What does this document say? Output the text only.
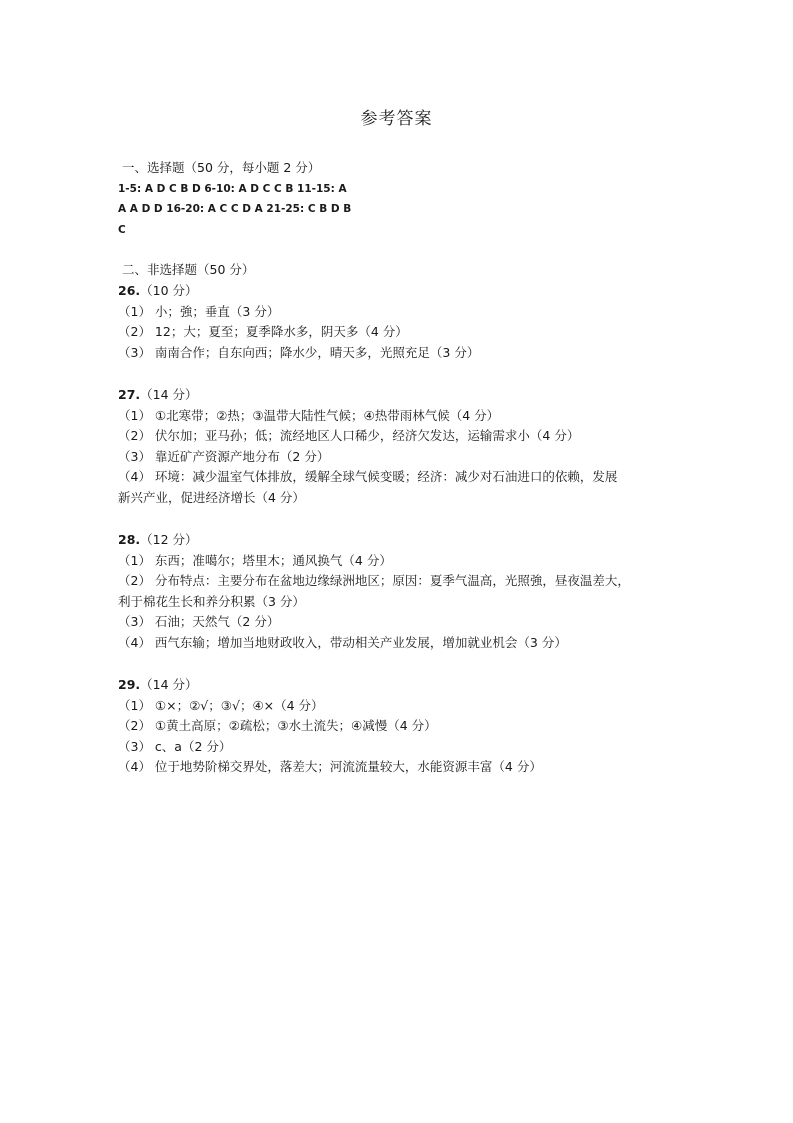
参考答案
一、选择题（50 分，每小题 2 分）
1-5: A D C B D 6-10: A D C C B 11-15: A
A A D D 16-20: A C C D A 21-25: C B D B
C
二、非选择题（50 分）
26.（10 分）
（1） 小；強；垂直（3 分）
（2） 12；大；夏至；夏季降水多，阴天多（4 分）
（3） 南南合作；自东向西；降水少，晴天多，光照充足（3 分）
27.（14 分）
（1） ①北寒带；②热；③温带大陆性气候；④热带雨林气候（4 分）
（2） 伏尔加；亚马孙；低；流经地区人口稀少，经济欠发达，运输需求小（4 分）
（3） 靠近矿产资源产地分布（2 分）
（4） 环境：减少温室气体排放，缓解全球气候变暖；经济：减少对石油进口的依赖，发展
新兴产业，促进经济增长（4 分）
28.（12 分）
（1） 东西；准噶尔；塔里木；通风换气（4 分）
（2） 分布特点：主要分布在盆地边缘绿洲地区；原因：夏季气温高，光照強，昼夜温差大，
利于棉花生长和养分积累（3 分）
（3） 石油；天然气（2 分）
（4） 西气东输；增加当地财政收入，带动相关产业发展，增加就业机会（3 分）
29.（14 分）
（1） ①×；②√；③√；④×（4 分）
（2） ①黄土高原；②疏松；③水土流失；④减慢（4 分）
（3） c、a（2 分）
（4） 位于地势阶梯交界处，落差大；河流流量较大，水能资源丰富（4 分）
